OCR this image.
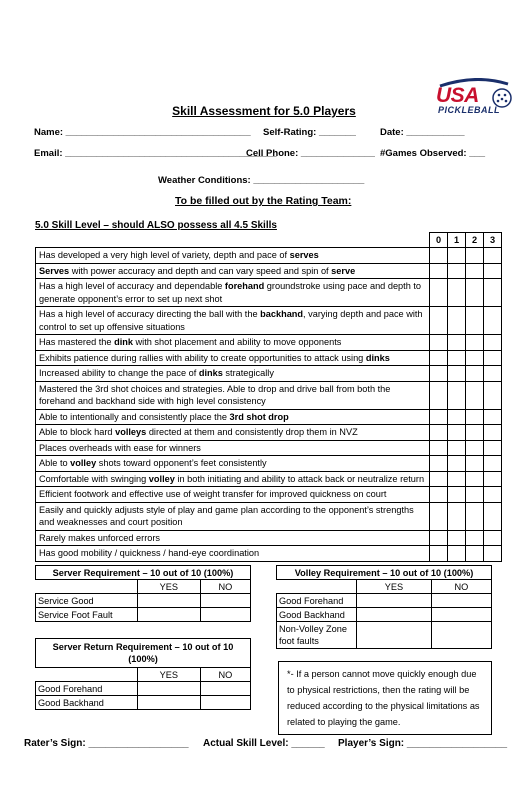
USA
PICKLEBALL
Skill Assessment for 5.0 Players
Name: ___________________________________ Self-Rating: _______	Date: ___________
Email: ________________________________________
Cell Phone: ______________ #Games Observed: ___
Weather Conditions: _____________________
To be filled out by the Rating Team:
5.0 Skill Level – should ALSO possess all 4.5 Skills
	0	1	2	3
Has developed a very high level of variety, depth and pace of serves				
Serves with power accuracy and depth and can vary speed and spin of serve				
Has a high level of accuracy and dependable forehand groundstroke using pace and depth to generate opponent’s error to set up next shot				
Has a high level of accuracy directing the ball with the backhand, varying depth and pace with control to set up offensive situations				
Has mastered the dink with shot placement and ability to move opponents				
Exhibits patience during rallies with ability to create opportunities to attack using dinks				
Increased ability to change the pace of dinks strategically				
Mastered the 3rd shot choices and strategies. Able to drop and drive ball from both the forehand and backhand side with high level consistency				
Able to intentionally and consistently place the 3rd shot drop				
Able to block hard volleys directed at them and consistently drop them in NVZ				
Places overheads with ease for winners				
Able to volley shots toward opponent’s feet consistently				
Comfortable with swinging volley in both initiating and ability to attack back or neutralize return				
Efficient footwork and effective use of weight transfer for improved quickness on court				
Easily and quickly adjusts style of play and game plan according to the opponent’s strengths and weaknesses and court position				
Rarely makes unforced errors				
Has good mobility / quickness / hand-eye coordination				
Server Requirement – 10 out of 10 (100%)		
	YES	NO
Service Good		
Service Foot Fault		
Volley Requirement – 10 out of 10 (100%)		
	YES	NO
Good Forehand		
Good Backhand		
Non-Volley Zone foot faults		
Server Return Requirement – 10 out of 10 (100%)		
	YES	NO
Good Forehand		
Good Backhand		
*- If a person cannot move quickly enough due to physical restrictions, then the rating will be reduced according to the physical limitations as related to playing the game.
Rater’s Sign: __________________ Actual Skill Level: ______ Player’s Sign: __________________
